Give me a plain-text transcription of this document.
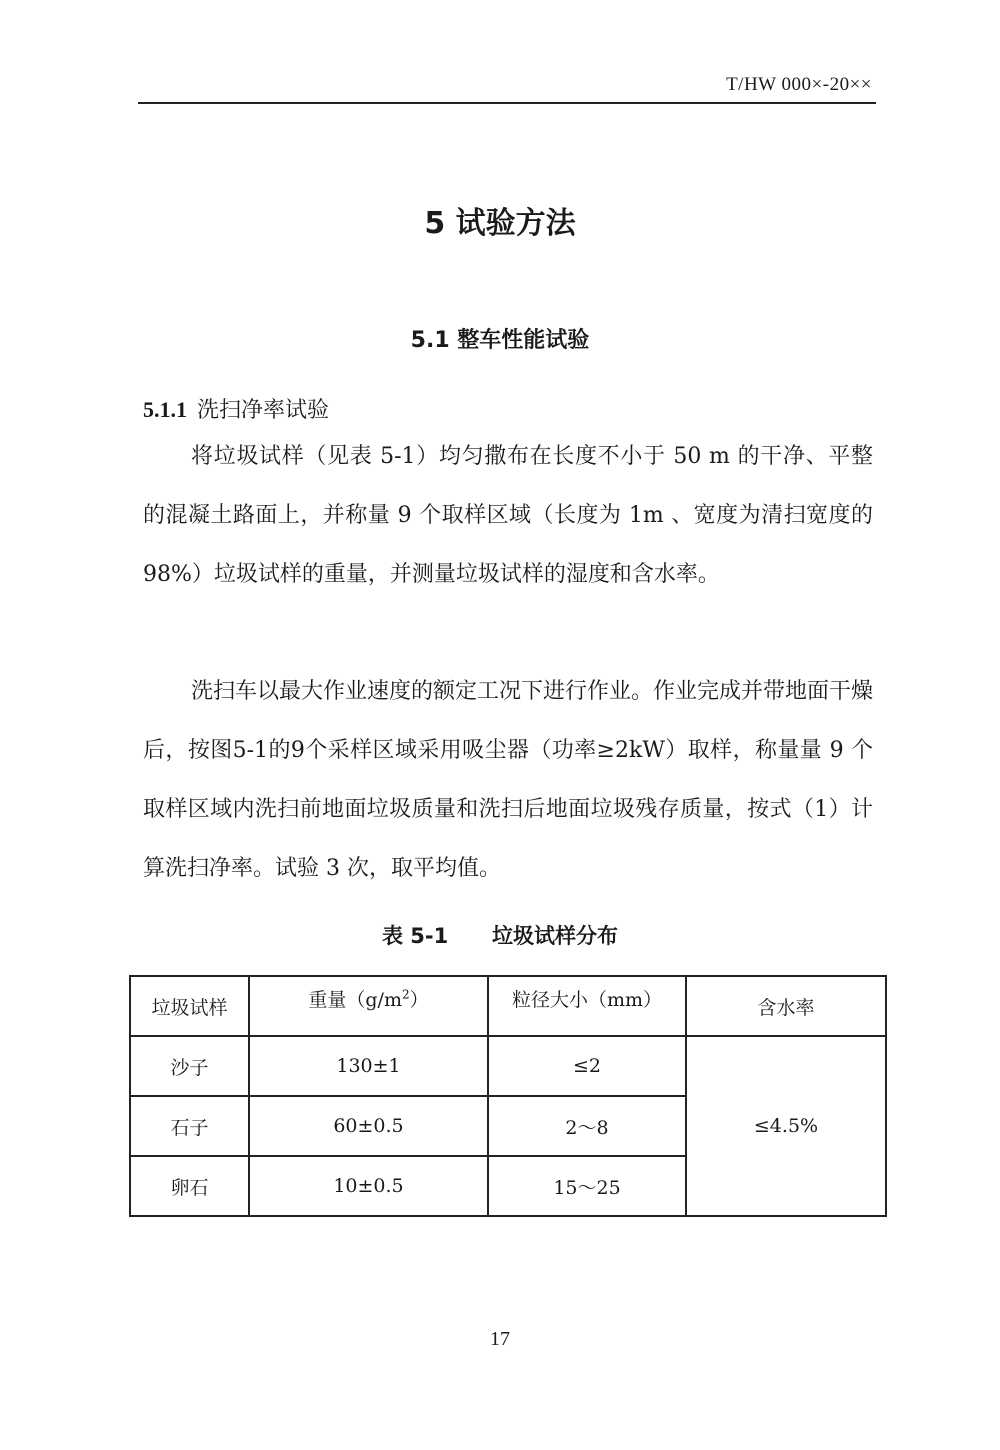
T/HW 000×-20××
5 试验方法
5.1 整车性能试验
5.1.1 洗扫净率试验

将垃圾试样（见表 5-1）均匀撒布在长度不小于 50 m 的干净、平整的混凝土路面上，并称量 9 个取样区域（长度为 1m 、宽度为清扫宽度的 98%）垃圾试样的重量，并测量垃圾试样的湿度和含水率。

洗扫车以最大作业速度的额定工况下进行作业。作业完成并带地面干燥后，按图5-1的9个采样区域采用吸尘器（功率≥2kW）取样，称量量 9 个取样区域内洗扫前地面垃圾质量和洗扫后地面垃圾残存质量，按式（1）计算洗扫净率。试验 3 次，取平均值。

表 5-1      垃圾试样分布
垃圾试样	重量$(g/m^2)$	粒径大小（mm）	含水率
沙子	130±1	≤2	≤4.5%
石子	60±0.5	2～8	
卵石	10±0.5	15～25	
17
